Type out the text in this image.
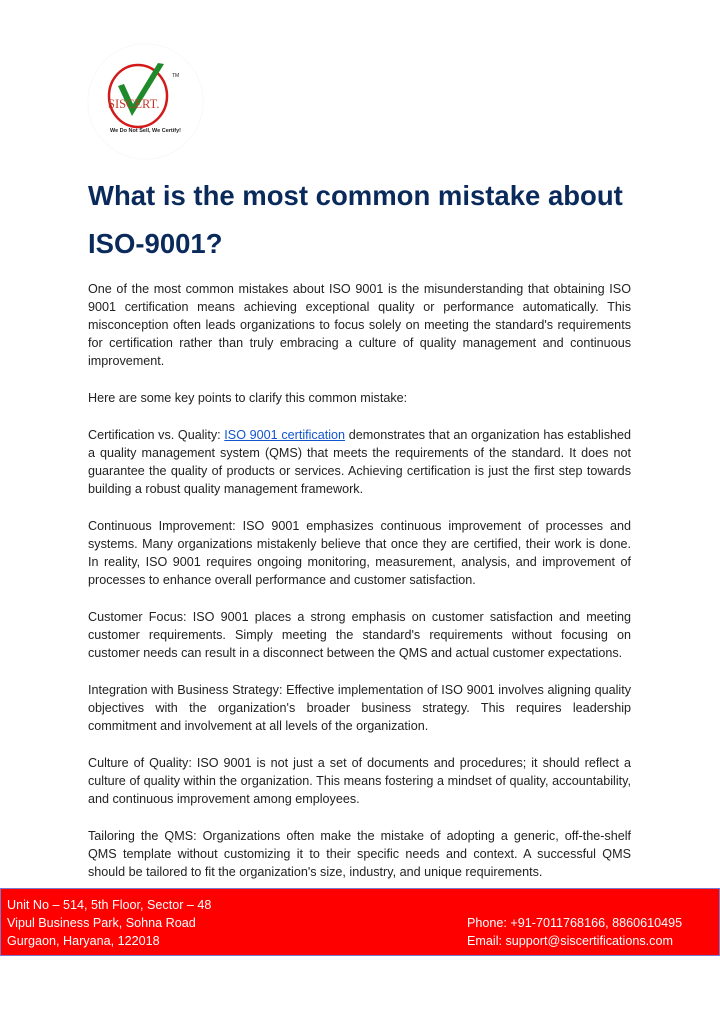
TM
SISCERT.
We Do Not Sell, We Certify!
What is the most common mistake about ISO-9001?

One of the most common mistakes about ISO 9001 is the misunderstanding that obtaining ISO 9001 certification means achieving exceptional quality or performance automatically. This misconception often leads organizations to focus solely on meeting the standard's requirements for certification rather than truly embracing a culture of quality management and continuous improvement.

Here are some key points to clarify this common mistake:

Certification vs. Quality: ISO 9001 certification demonstrates that an organization has established a quality management system (QMS) that meets the requirements of the standard. It does not guarantee the quality of products or services. Achieving certification is just the first step towards building a robust quality management framework.

Continuous Improvement: ISO 9001 emphasizes continuous improvement of processes and systems. Many organizations mistakenly believe that once they are certified, their work is done. In reality, ISO 9001 requires ongoing monitoring, measurement, analysis, and improvement of processes to enhance overall performance and customer satisfaction.

Customer Focus: ISO 9001 places a strong emphasis on customer satisfaction and meeting customer requirements. Simply meeting the standard's requirements without focusing on customer needs can result in a disconnect between the QMS and actual customer expectations.

Integration with Business Strategy: Effective implementation of ISO 9001 involves aligning quality objectives with the organization's broader business strategy. This requires leadership commitment and involvement at all levels of the organization.

Culture of Quality: ISO 9001 is not just a set of documents and procedures; it should reflect a culture of quality within the organization. This means fostering a mindset of quality, accountability, and continuous improvement among employees.

Tailoring the QMS: Organizations often make the mistake of adopting a generic, off-the-shelf QMS template without customizing it to their specific needs and context. A successful QMS should be tailored to fit the organization's size, industry, and unique requirements.

Unit No – 514, 5th Floor, Sector – 48
Vipul Business Park, Sohna Road
Gurgaon, Haryana, 122018
Phone: +91-7011768166, 8860610495
Email: support@siscertifications.com
